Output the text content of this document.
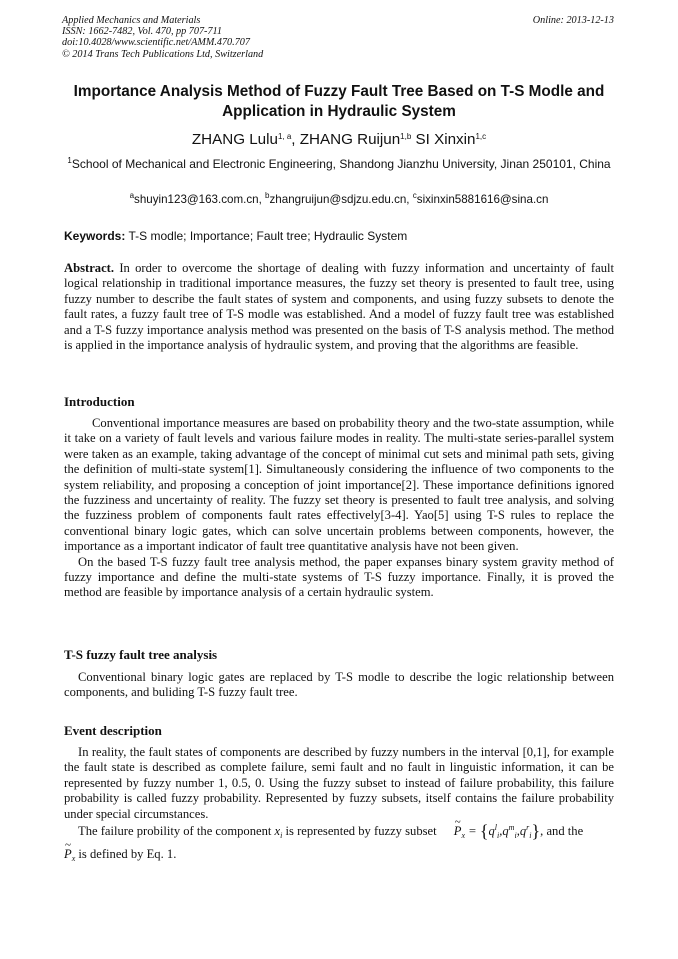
Applied Mechanics and Materials
ISSN: 1662-7482, Vol. 470, pp 707-711
doi:10.4028/www.scientific.net/AMM.470.707
© 2014 Trans Tech Publications Ltd, Switzerland
Online: 2013-12-13
Importance Analysis Method of Fuzzy Fault Tree Based on T-S Modle and
Application in Hydraulic System
ZHANG Lulu$^{1, a}$, ZHANG Ruijun$^{1,b}$ SI Xinxin$^{1,c}$
$^1$School of Mechanical and Electronic Engineering, Shandong Jianzhu University, Jinan 250101, China
$^a$shuyin123@163.com.cn, $^b$zhangruijun@sdjzu.edu.cn, $^c$sixinxin5881616@sina.cn
Keywords: T-S modle; Importance; Fault tree; Hydraulic System

Abstract. In order to overcome the shortage of dealing with fuzzy information and uncertainty of fault logical relationship in traditional importance measures, the fuzzy set theory is presented to fault tree, using fuzzy number to describe the fault states of system and components, and using fuzzy subsets to denote the fault rates, a fuzzy fault tree of T-S modle was established. And a model of fuzzy fault tree was established and a T-S fuzzy importance analysis method was presented on the basis of T-S analysis method. The method is applied in the importance analysis of hydraulic system, and proving that the algorithms are feasible.

Introduction

Conventional importance measures are based on probability theory and the two-state assumption, while it take on a variety of fault levels and various failure modes in reality. The multi-state series-parallel system were taken as an example, taking advantage of the concept of minimal cut sets and minimal path sets, giving the definition of multi-state system[1]. Simultaneously considering the influence of two components to the system reliability, and proposing a conception of joint importance[2]. These importance definitions ignored the fuzziness and uncertainty of reality. The fuzzy set theory is presented to fault tree analysis, and solving the fuzziness problem of components fault rates effectively[3-4]. Yao[5] using T-S rules to replace the conventional binary logic gates, which can solve uncertain problems between components, however, the importance as a important indicator of fault tree quantitative analysis have not been given.

On the based T-S fuzzy fault tree analysis method, the paper expanses binary system gravity method of fuzzy importance and define the multi-state systems of T-S fuzzy importance. Finally, it is proved the method are feasible by importance analysis of a certain hydraulic system.

T-S fuzzy fault tree analysis

Conventional binary logic gates are replaced by T-S modle to describe the logic relationship between components, and buliding T-S fuzzy fault tree.

Event description

In reality, the fault states of components are described by fuzzy numbers in the interval [0,1], for example the fault state is described as complete failure, semi fault and no fault in linguistic information, it can be represented by fuzzy number 1, 0.5, 0. Using the fuzzy subset to instead of failure probability, this failure probability is called fuzzy probability. Represented by fuzzy subsets, itself contains the failure probability under special circumstances.

The failure probility of the component $x_i$ is represented by fuzzy subset ~ $P_x = \{q^l_i,q^m_i,q^r_i\}$, and the

~ $P_x$ is defined by Eq. 1.
